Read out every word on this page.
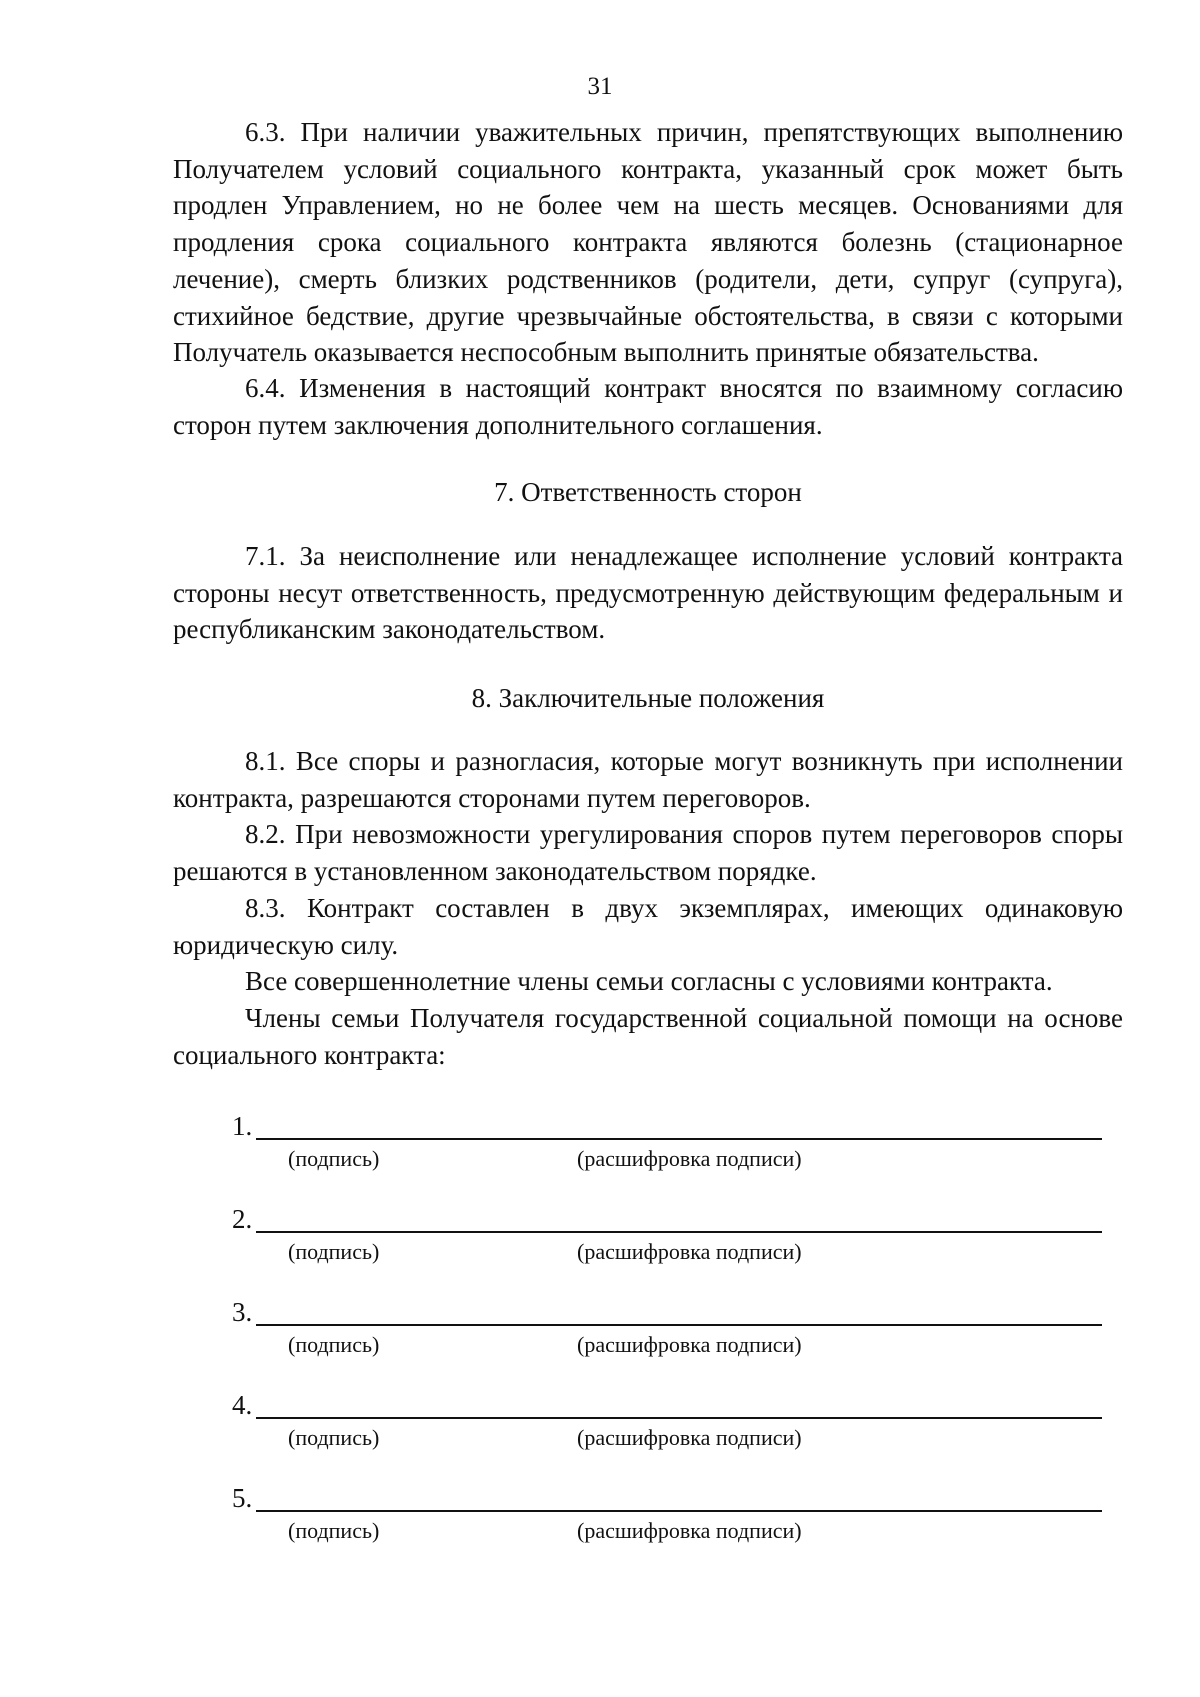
31

6.3. При наличии уважительных причин, препятствующих выполнению Получателем условий социального контракта, указанный срок может быть продлен Управлением, но не более чем на шесть месяцев. Основаниями для продления срока социального контракта являются болезнь (стационарное лечение), смерть близких родственников (родители, дети, супруг (супруга), стихийное бедствие, другие чрезвычайные обстоятельства, в связи с которыми Получатель оказывается неспособным выполнить принятые обязательства.

6.4. Изменения в настоящий контракт вносятся по взаимному согласию сторон путем заключения дополнительного соглашения.

7. Ответственность сторон

7.1. За неисполнение или ненадлежащее исполнение условий контракта стороны несут ответственность, предусмотренную действующим федеральным и республиканским законодательством.

8. Заключительные положения

8.1. Все споры и разногласия, которые могут возникнуть при исполнении контракта, разрешаются сторонами путем переговоров.

8.2. При невозможности урегулирования споров путем переговоров споры решаются в установленном законодательством порядке.

8.3. Контракт составлен в двух экземплярах, имеющих одинаковую юридическую силу.

Все совершеннолетние члены семьи согласны с условиями контракта.

Члены семьи Получателя государственной социальной помощи на основе социального контракта:

1.
(подпись)	(расшифровка подписи)
2.
(подпись)	(расшифровка подписи)
3.
(подпись)	(расшифровка подписи)
4.
(подпись)	(расшифровка подписи)
5.
(подпись)	(расшифровка подписи)
